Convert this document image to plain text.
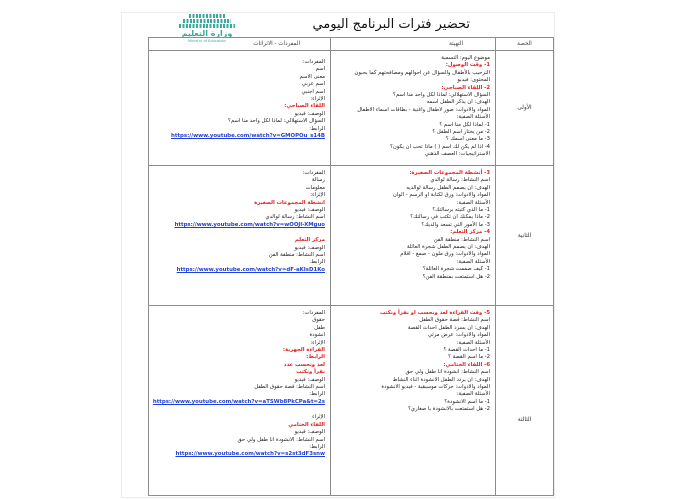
وزارة التعليم
Ministry of Education
تحضير فترات البرنامج اليومي
الحصة
التهيئة
المفردات - الاثرائات
الأولى
موضوع اليوم: التسمية
1- وقت الوصول:
الترحيب بالأطفال والسؤال عن احوالهم ومصافحتهم كما يحبون
المحتوى: فيديو
2- اللقاء الصباحي:
السؤال الاستهلالي: لماذا لكل واحد منا اسم؟
الهدف: ان يذكر الطفل اسمه
المواد والادوات: صور لاطفال واغنية - بطاقات اسماء الاطفال
الأسئلة الصفية:
1- لماذا لكل منا اسم ؟
2- من يختار اسم الطفل ؟
3- ما معنى اسمك ؟
4- اذا لم يكن لك اسم ( ) ماذا تحب ان يكون؟
الاستراتيجيات: العصف الذهني
المفردات:
اسم
معنى الاسم
اسم عربي
اسم اجنبي
الإثراء:
اللقاء الصباحي:
الوصف: فيديو
السؤال الاستهلالي: لماذا لكل واحد منا اسم؟
الرابط:
https://www.youtube.com/watch?v=GMOPOu_s14B
الثانية
3- أنشطة المجموعات الصغيرة:
اسم النشاط: رسالة لوالدي
الهدف: ان يصمم الطفل رسالة لوالديه
المواد والادوات: ورق لكتابة او الرسم - الوان
الأسئلة الصفية:
1- ما الذي كتبته برسالتك؟
2- ماذا يمكنك ان تكتب في رسالتك؟
3- ما الأمور التي تسعد والديك؟
4- مركز التعلم:
اسم النشاط: منطقة الفن
الهدف: ان يصمم الطفل شجرة العائلة
المواد والادوات: ورق ملون - صمغ - اقلام
الأسئلة الصفية:
1- كيف صممت شجرة العائلة؟
2- هل استمتعت بمنطقة الفن؟
المفردات:
رسالة
معلومات
الإثراء:
انشطة المجموعات الصغيرة
الوصف: فيديو
اسم النشاط: رسالة لوالدي
https://www.youtube.com/watch?v=wOOJl-XMguo
مركز التعلم
الوصف: فيديو
اسم النشاط: منطقة الفن
الرابط:
https://www.youtube.com/watch?v=dF-aKIsD1Ko
الثالثة
5- وقت القراءة لعد ونحسب او نقرأ ونكتب
اسم النشاط: قصة حقوق الطفل
الهدف: ان يسرد الطفل احداث القصة
المواد والادوات: عرض مرئي
الأسئلة الصفية:
1- ما احداث القصة ؟
2- ما اسم القصة ؟
6- اللقاء الختامي:
اسم النشاط: انشودة انا طفل ولي حق
الهدف: ان يردد الطفل الانشودة اثناء النشاط
المواد والادوات: حركات موسيقية - فيديو الانشودة
الأسئلة الصفية:
1- ما اسم الانشودة؟
2- هل استمتعت بالانشودة يا صغاري؟
المفردات:
حقوق
طفل
انشودة
الإثراء:
القراءة الجهرية:
الرابط:
لعد ونحسب عدد
نقرأ ونكتب
الوصف: فيديو
اسم النشاط: قصة حقوق الطفل
الرابط:
https://www.youtube.com/watch?v=aTSWb8PkCPa&t=2s
الإثراء
اللقاء الختامي
الوصف: فيديو
اسم النشاط: الانشودة انا طفل ولي حق
الرابط:
https://www.youtube.com/watch?v=s2st3dF3snw
